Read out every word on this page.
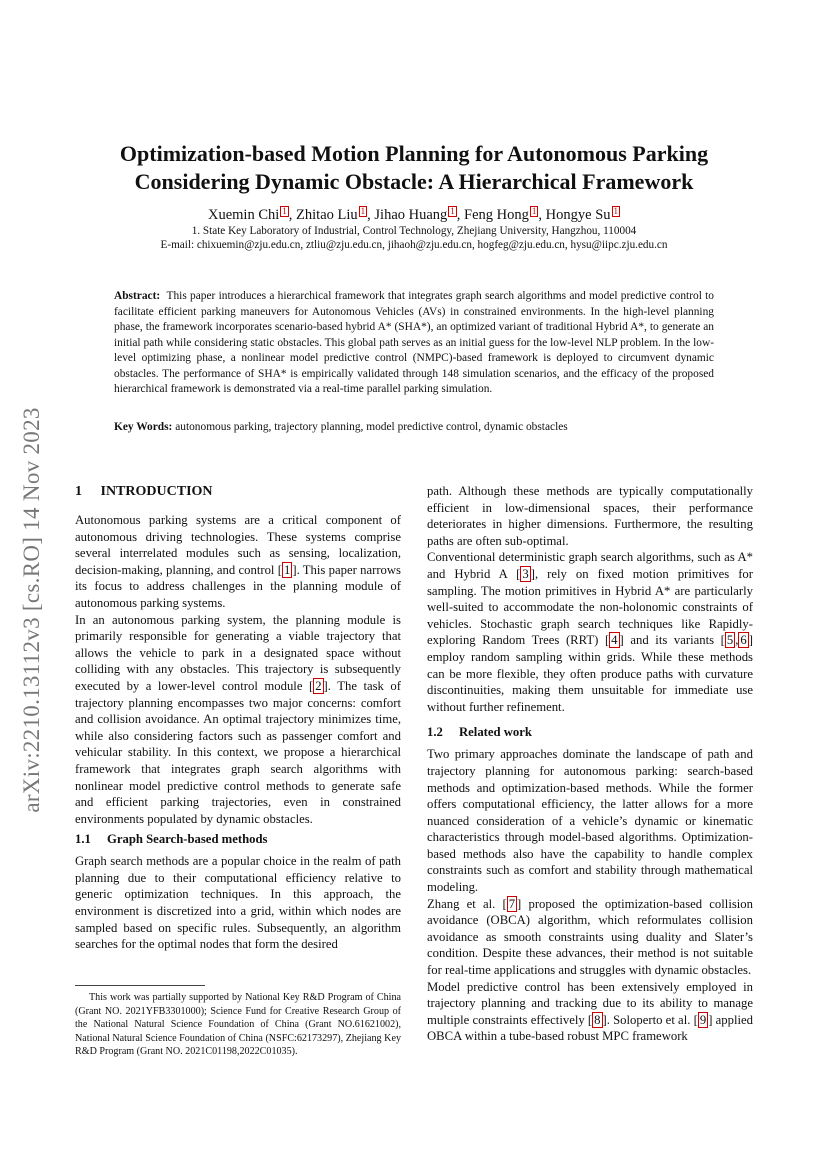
arXiv:2210.13112v3 [cs.RO] 14 Nov 2023
Optimization-based Motion Planning for Autonomous Parking
Considering Dynamic Obstacle: A Hierarchical Framework
Xuemin Chi 1 , Zhitao Liu 1 , Jihao Huang 1 , Feng Hong 1 , Hongye Su 1
1. State Key Laboratory of Industrial, Control Technology, Zhejiang University, Hangzhou, 110004
E-mail: chixuemin@zju.edu.cn, ztliu@zju.edu.cn, jihaoh@zju.edu.cn, hogfeg@zju.edu.cn, hysu@iipc.zju.edu.cn
Abstract: This paper introduces a hierarchical framework that integrates graph search algorithms and model predictive control to facilitate efficient parking maneuvers for Autonomous Vehicles (AVs) in constrained environments. In the high-level planning phase, the framework incorporates scenario-based hybrid A* (SHA*), an optimized variant of traditional Hybrid A*, to generate an initial path while considering static obstacles. This global path serves as an initial guess for the low-level NLP problem. In the low-level optimizing phase, a nonlinear model predictive control (NMPC)-based framework is deployed to circumvent dynamic obstacles. The performance of SHA* is empirically validated through 148 simulation scenarios, and the efficacy of the proposed hierarchical framework is demonstrated via a real-time parallel parking simulation.
Key Words: autonomous parking, trajectory planning, model predictive control, dynamic obstacles
1 INTRODUCTION

Autonomous parking systems are a critical component of autonomous driving technologies. These systems comprise several interrelated modules such as sensing, localization, decision-making, planning, and control [ 1 ]. This paper narrows its focus to address challenges in the planning module of autonomous parking systems.

In an autonomous parking system, the planning module is primarily responsible for generating a viable trajectory that allows the vehicle to park in a designated space without colliding with any obstacles. This trajectory is subsequently executed by a lower-level control module [ 2 ]. The task of trajectory planning encompasses two major concerns: comfort and collision avoidance. An optimal trajectory minimizes time, while also considering factors such as passenger comfort and vehicular stability. In this context, we propose a hierarchical framework that integrates graph search algorithms with nonlinear model predictive control methods to generate safe and efficient parking trajectories, even in constrained environments populated by dynamic obstacles.

1.1 Graph Search-based methods

Graph search methods are a popular choice in the realm of path planning due to their computational efficiency relative to generic optimization techniques. In this approach, the environment is discretized into a grid, within which nodes are sampled based on specific rules. Subsequently, an algorithm searches for the optimal nodes that form the desired

This work was partially supported by National Key R&D Program of China (Grant NO. 2021YFB3301000); Science Fund for Creative Research Group of the National Natural Science Foundation of China (Grant NO.61621002), National Natural Science Foundation of China (NSFC:62173297), Zhejiang Key R&D Program (Grant NO. 2021C01198,2022C01035).

path. Although these methods are typically computationally efficient in low-dimensional spaces, their performance deteriorates in higher dimensions. Furthermore, the resulting paths are often sub-optimal.

Conventional deterministic graph search algorithms, such as A* and Hybrid A [ 3 ], rely on fixed motion primitives for sampling. The motion primitives in Hybrid A* are particularly well-suited to accommodate the non-holonomic constraints of vehicles. Stochastic graph search techniques like Rapidly-exploring Random Trees (RRT) [ 4 ] and its variants [ 5 , 6 ] employ random sampling within grids. While these methods can be more flexible, they often produce paths with curvature discontinuities, making them unsuitable for immediate use without further refinement.

1.2 Related work

Two primary approaches dominate the landscape of path and trajectory planning for autonomous parking: search-based methods and optimization-based methods. While the former offers computational efficiency, the latter allows for a more nuanced consideration of a vehicle’s dynamic or kinematic characteristics through model-based algorithms. Optimization-based methods also have the capability to handle complex constraints such as comfort and stability through mathematical modeling.

Zhang et al. [ 7 ] proposed the optimization-based collision avoidance (OBCA) algorithm, which reformulates collision avoidance as smooth constraints using duality and Slater’s condition. Despite these advances, their method is not suitable for real-time applications and struggles with dynamic obstacles.

Model predictive control has been extensively employed in trajectory planning and tracking due to its ability to manage multiple constraints effectively [ 8 ]. Soloperto et al. [ 9 ] applied OBCA within a tube-based robust MPC framework
